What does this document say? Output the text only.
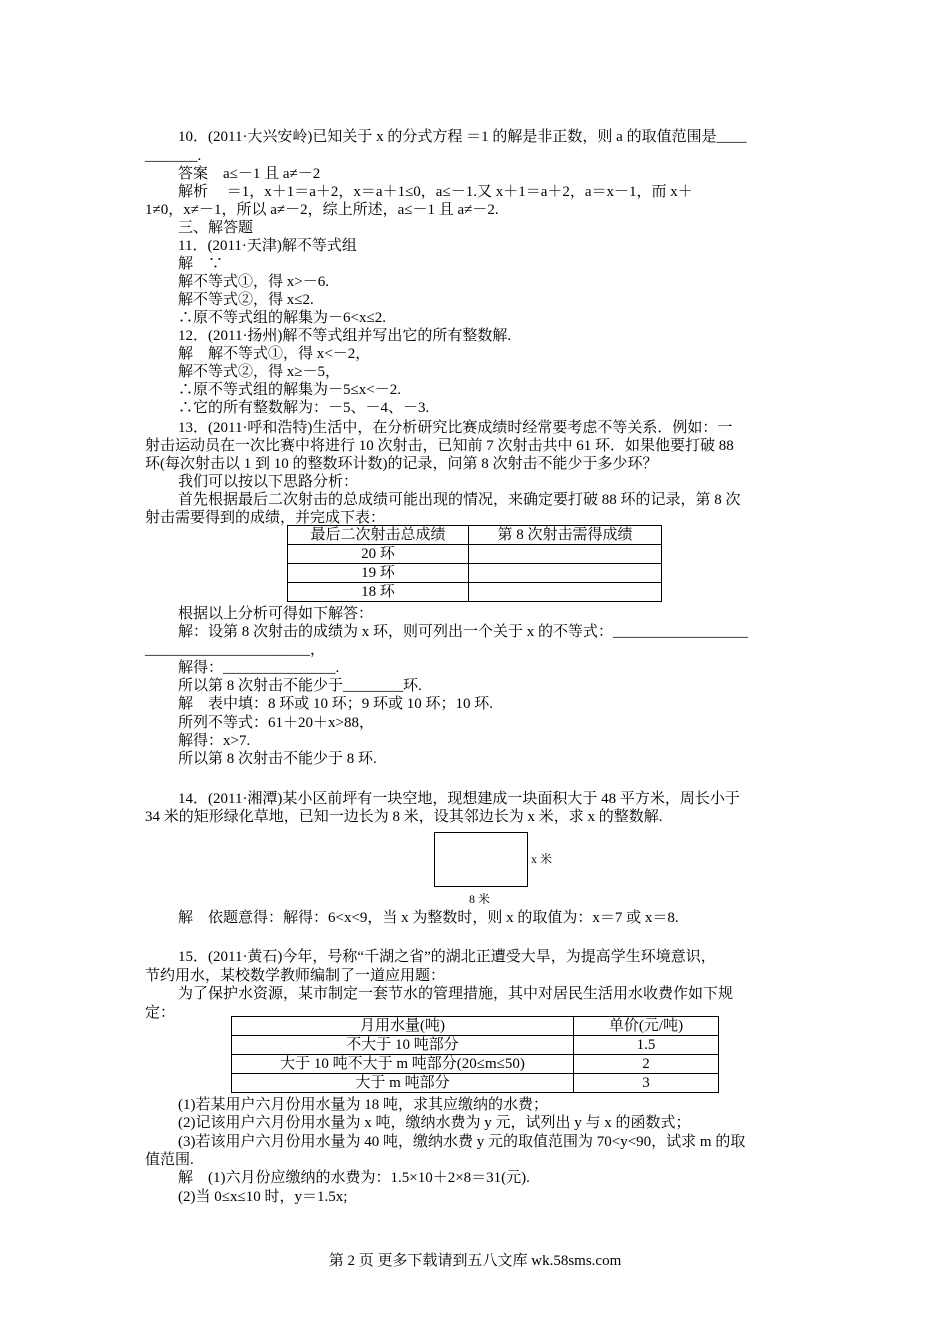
10．(2011·大兴安岭)已知关于 x 的分式方程 ＝1 的解是非正数，则 a 的取值范围是____
_______.
答案　a≤－1 且 a≠－2
解析　 ＝1，x＋1＝a＋2，x＝a＋1≤0，a≤－1.又 x＋1＝a＋2，a＝x－1，而 x＋
1≠0，x≠－1，所以 a≠－2，综上所述，a≤－1 且 a≠－2.
三、解答题
11．(2011·天津)解不等式组
解　∵
解不等式①，得 x>－6.
解不等式②，得 x≤2.
∴原不等式组的解集为－6<x≤2.
12．(2011·扬州)解不等式组并写出它的所有整数解.
解　解不等式①，得 x<－2，
解不等式②，得 x≥－5，
∴原不等式组的解集为－5≤x<－2.
∴它的所有整数解为：－5、－4、－3.
13．(2011·呼和浩特)生活中，在分析研究比赛成绩时经常要考虑不等关系．例如：一
射击运动员在一次比赛中将进行 10 次射击，已知前 7 次射击共中 61 环．如果他要打破 88
环(每次射击以 1 到 10 的整数环计数)的记录，问第 8 次射击不能少于多少环？
我们可以按以下思路分析：
首先根据最后二次射击的总成绩可能出现的情况，来确定要打破 88 环的记录，第 8 次
射击需要得到的成绩，并完成下表：
根据以上分析可得如下解答：
解：设第 8 次射击的成绩为 x 环，则可列出一个关于 x 的不等式：__________________
______________________，
解得：_______________.
所以第 8 次射击不能少于________环.
解　表中填：8 环或 10 环；9 环或 10 环；10 环.
所列不等式：61＋20＋x>88，
解得：x>7.
所以第 8 次射击不能少于 8 环.
14．(2011·湘潭)某小区前坪有一块空地，现想建成一块面积大于 48 平方米，周长小于
34 米的矩形绿化草地，已知一边长为 8 米，设其邻边长为 x 米，求 x 的整数解.
解　依题意得：解得：6<x<9，当 x 为整数时，则 x 的取值为：x＝7 或 x＝8.
15．(2011·黄石)今年，号称“千湖之省”的湖北正遭受大旱，为提高学生环境意识，
节约用水，某校数学教师编制了一道应用题：
为了保护水资源，某市制定一套节水的管理措施，其中对居民生活用水收费作如下规
定：
(1)若某用户六月份用水量为 18 吨，求其应缴纳的水费；
(2)记该用户六月份用水量为 x 吨，缴纳水费为 y 元，试列出 y 与 x 的函数式；
(3)若该用户六月份用水量为 40 吨，缴纳水费 y 元的取值范围为 70<y<90，试求 m 的取
值范围.
解　(1)六月份应缴纳的水费为：1.5×10＋2×8＝31(元).
(2)当 0≤x≤10 时，y＝1.5x;
最后二次射击总成绩	第 8 次射击需得成绩
20 环	
19 环	
18 环	
x 米
8 米
月用水量(吨)	单价(元/吨)
不大于 10 吨部分	1.5
大于 10 吨不大于 m 吨部分(20≤m≤50)	2
大于 m 吨部分	3
第 2 页 更多下载请到五八文库 wk.58sms.com
